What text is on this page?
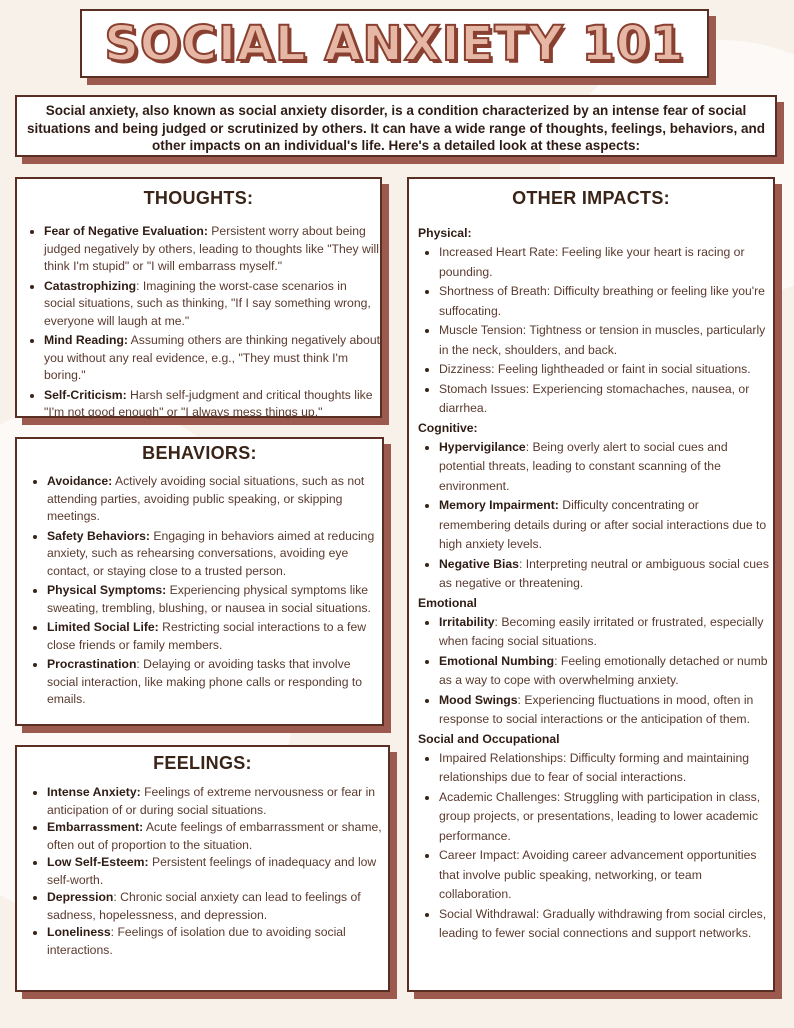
SOCIAL ANXIETY 101

Social anxiety, also known as social anxiety disorder, is a condition characterized by an intense fear of social situations and being judged or scrutinized by others. It can have a wide range of thoughts, feelings, behaviors, and other impacts on an individual's life. Here's a detailed look at these aspects:

THOUGHTS:
• Fear of Negative Evaluation: Persistent worry about being judged negatively by others, leading to thoughts like "They will think I'm stupid" or "I will embarrass myself."
• Catastrophizing: Imagining the worst-case scenarios in social situations, such as thinking, "If I say something wrong, everyone will laugh at me."
• Mind Reading: Assuming others are thinking negatively about you without any real evidence, e.g., "They must think I'm boring."
• Self-Criticism: Harsh self-judgment and critical thoughts like "I'm not good enough" or "I always mess things up."
BEHAVIORS:
• Avoidance: Actively avoiding social situations, such as not attending parties, avoiding public speaking, or skipping meetings.
• Safety Behaviors: Engaging in behaviors aimed at reducing anxiety, such as rehearsing conversations, avoiding eye contact, or staying close to a trusted person.
• Physical Symptoms: Experiencing physical symptoms like sweating, trembling, blushing, or nausea in social situations.
• Limited Social Life: Restricting social interactions to a few close friends or family members.
• Procrastination: Delaying or avoiding tasks that involve social interaction, like making phone calls or responding to emails.
FEELINGS:
• Intense Anxiety: Feelings of extreme nervousness or fear in anticipation of or during social situations.
• Embarrassment: Acute feelings of embarrassment or shame, often out of proportion to the situation.
• Low Self-Esteem: Persistent feelings of inadequacy and low self-worth.
• Depression: Chronic social anxiety can lead to feelings of sadness, hopelessness, and depression.
• Loneliness: Feelings of isolation due to avoiding social interactions.
OTHER IMPACTS:

Physical:

• Increased Heart Rate: Feeling like your heart is racing or pounding.
• Shortness of Breath: Difficulty breathing or feeling like you're suffocating.
• Muscle Tension: Tightness or tension in muscles, particularly in the neck, shoulders, and back.
• Dizziness: Feeling lightheaded or faint in social situations.
• Stomach Issues: Experiencing stomachaches, nausea, or diarrhea.

Cognitive:

• Hypervigilance: Being overly alert to social cues and potential threats, leading to constant scanning of the environment.
• Memory Impairment: Difficulty concentrating or remembering details during or after social interactions due to high anxiety levels.
• Negative Bias: Interpreting neutral or ambiguous social cues as negative or threatening.

Emotional

• Irritability: Becoming easily irritated or frustrated, especially when facing social situations.
• Emotional Numbing: Feeling emotionally detached or numb as a way to cope with overwhelming anxiety.
• Mood Swings: Experiencing fluctuations in mood, often in response to social interactions or the anticipation of them.

Social and Occupational

• Impaired Relationships: Difficulty forming and maintaining relationships due to fear of social interactions.
• Academic Challenges: Struggling with participation in class, group projects, or presentations, leading to lower academic performance.
• Career Impact: Avoiding career advancement opportunities that involve public speaking, networking, or team collaboration.
• Social Withdrawal: Gradually withdrawing from social circles, leading to fewer social connections and support networks.
